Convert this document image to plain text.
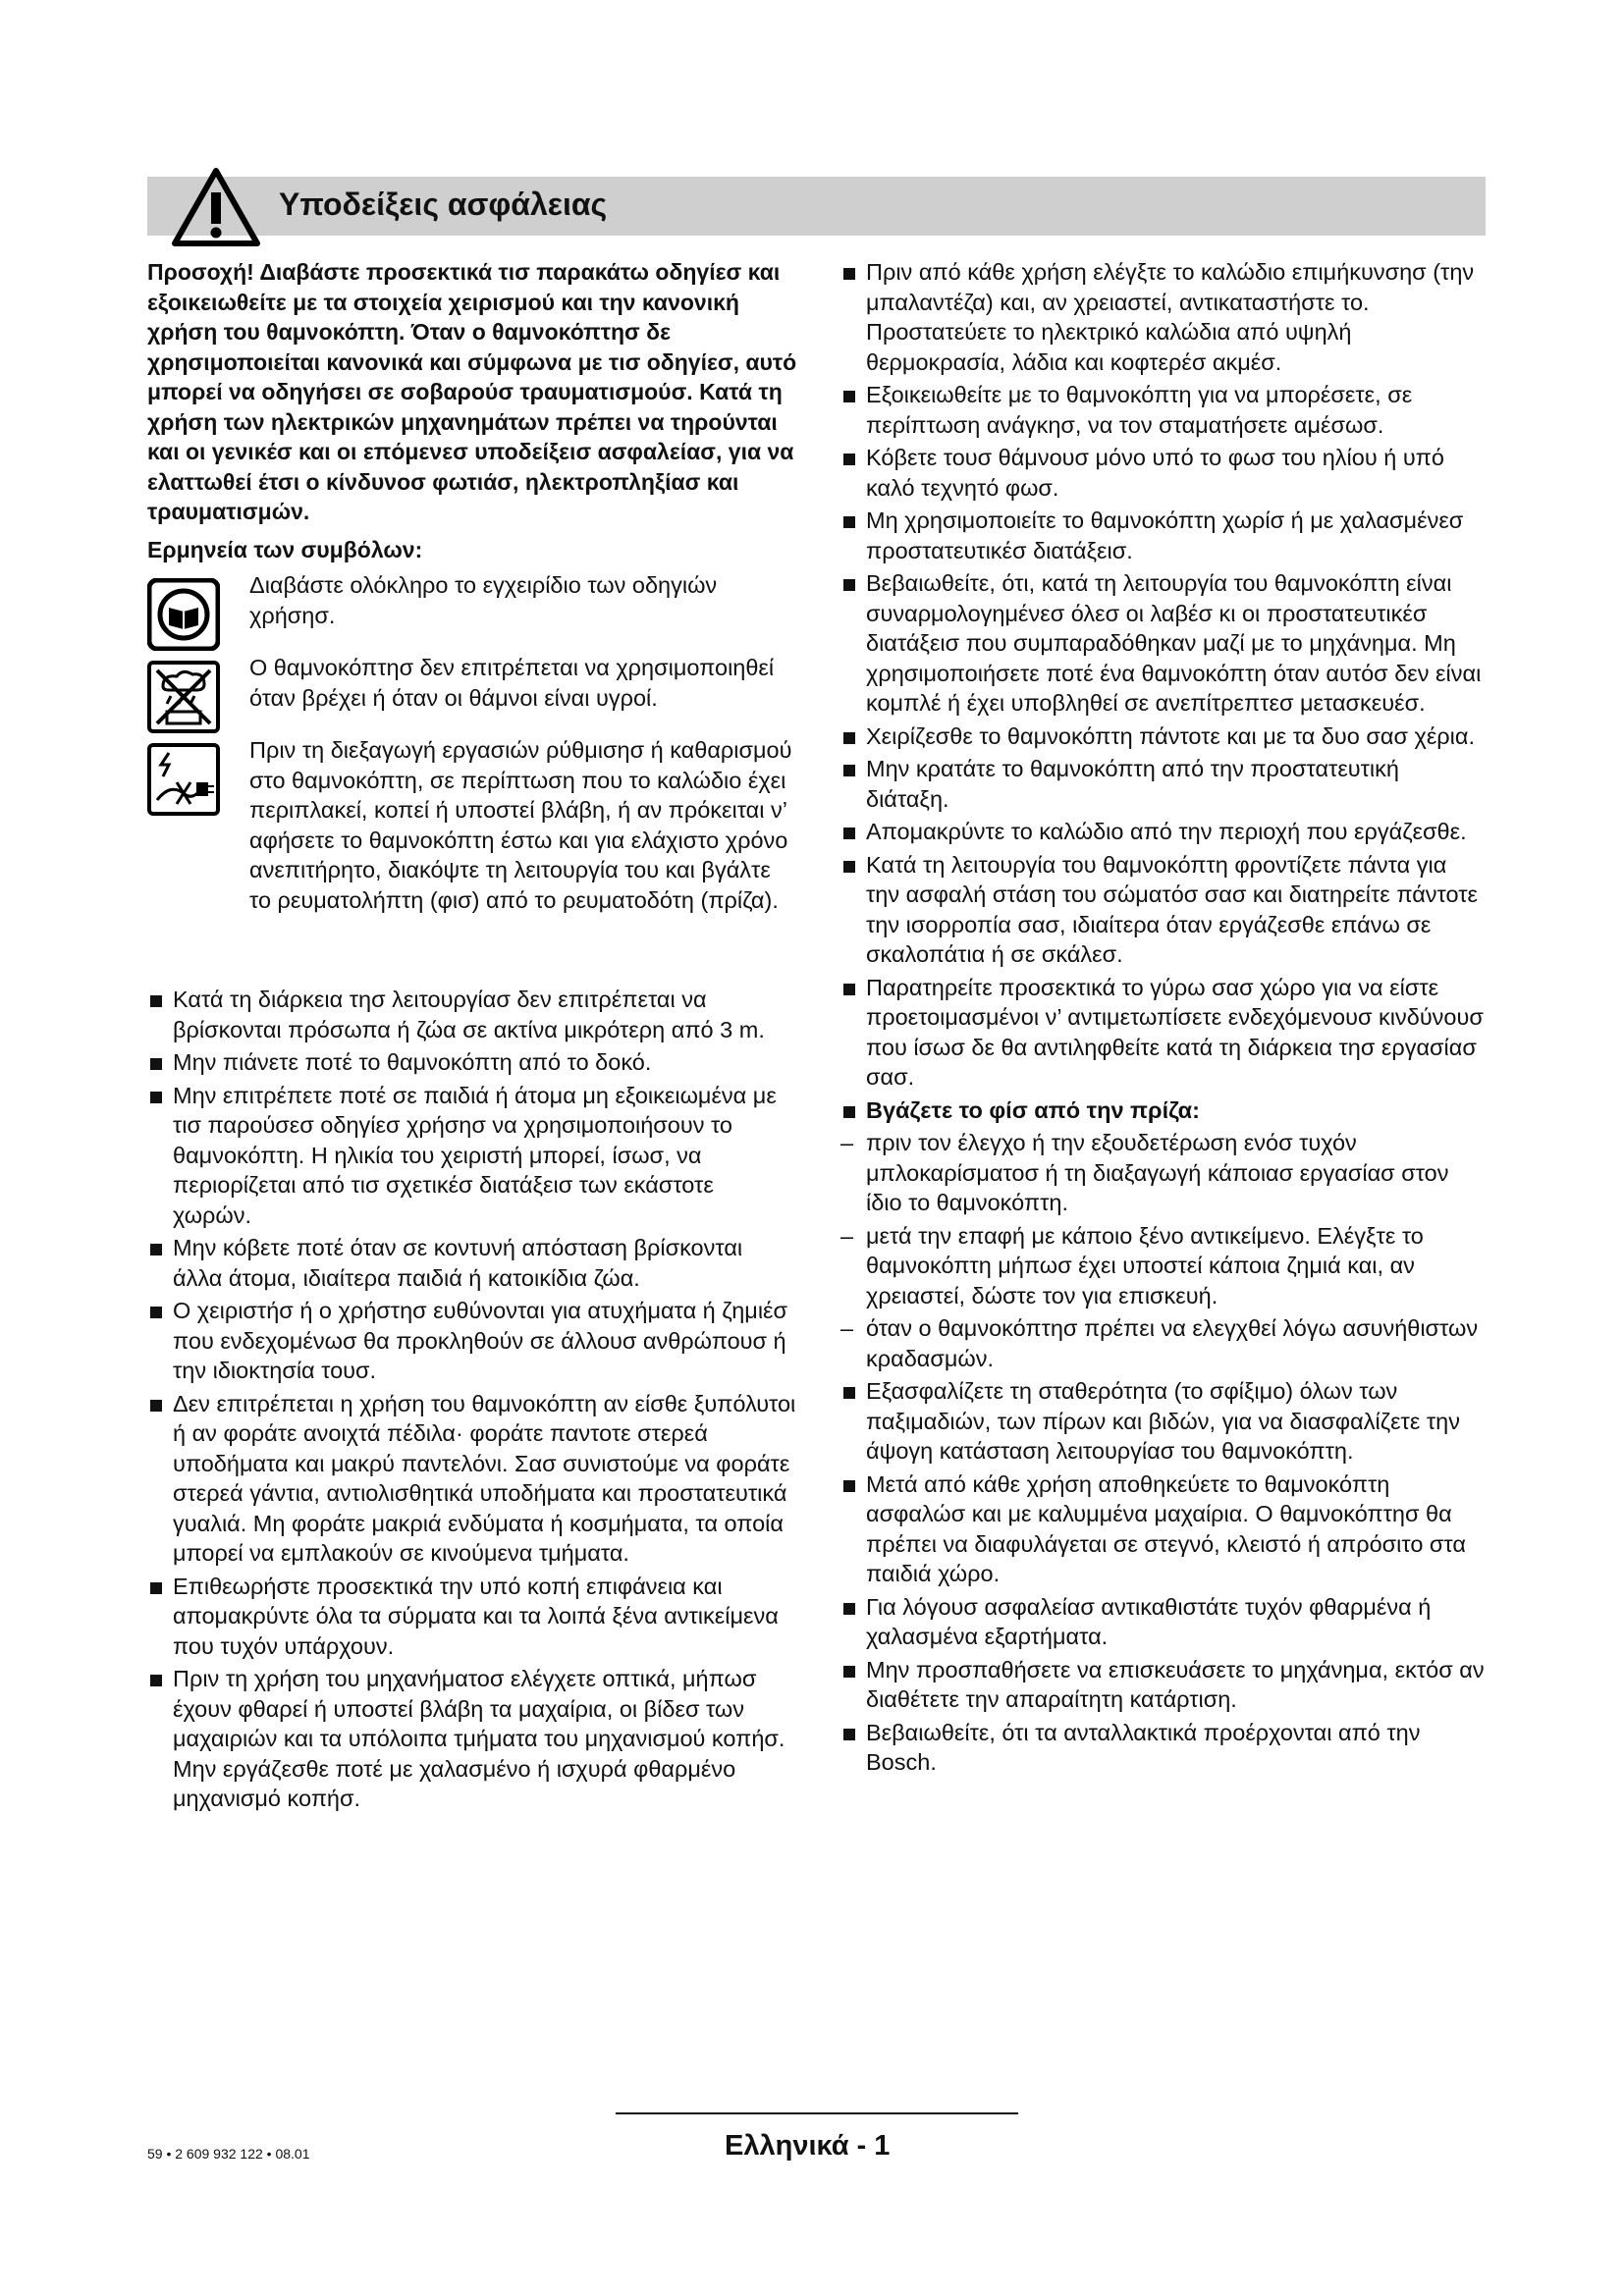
Υποδείξεις ασφάλειας

Προσοχή! Διαβάστε προσεκτικά τισ παρακάτω οδηγίεσ και εξοικειωθείτε με τα στοιχεία χειρισμού και την κανονική χρήση του θαμνοκόπτη. Όταν ο θαμνοκόπτησ δε χρησιμοποιείται κανονικά και σύμφωνα με τισ οδηγίεσ, αυτό μπορεί να οδηγήσει σε σοβαρούσ τραυματισμούσ. Κατά τη χρήση των ηλεκτρικών μηχανημάτων πρέπει να τηρούνται και οι γενικέσ και οι επόμενεσ υποδείξεισ ασφαλείασ, για να ελαττωθεί έτσι ο κίνδυνοσ φωτιάσ, ηλεκτροπληξίασ και τραυματισμών.

Ερμηνεία των συμβόλων:
Διαβάστε ολόκληρο το εγχειρίδιο των οδηγιών χρήσησ.
Ο θαμνοκόπτησ δεν επιτρέπεται να χρησιμοποιηθεί όταν βρέχει ή όταν οι θάμνοι είναι υγροί.
Πριν τη διεξαγωγή εργασιών ρύθμισησ ή καθαρισμού στο θαμνοκόπτη, σε περίπτωση που το καλώδιο έχει περιπλακεί, κοπεί ή υποστεί βλάβη, ή αν πρόκειται ν’ αφήσετε το θαμνοκόπτη έστω και για ελάχιστο χρόνο ανεπιτήρητο, διακόψτε τη λειτουργία του και βγάλτε το ρευματολήπτη (φισ) από το ρευματοδότη (πρίζα).
Κατά τη διάρκεια τησ λειτουργίασ δεν επιτρέπεται να βρίσκονται πρόσωπα ή ζώα σε ακτίνα μικρότερη από 3 m.
Μην πιάνετε ποτέ το θαμνοκόπτη από το δοκό.
Μην επιτρέπετε ποτέ σε παιδιά ή άτομα μη εξοικειωμένα με τισ παρούσεσ οδηγίεσ χρήσησ να χρησιμοποιήσουν το θαμνοκόπτη. Η ηλικία του χειριστή μπορεί, ίσωσ, να περιορίζεται από τισ σχετικέσ διατάξεισ των εκάστοτε χωρών.
Μην κόβετε ποτέ όταν σε κοντυνή απόσταση βρίσκονται άλλα άτομα, ιδιαίτερα παιδιά ή κατοικίδια ζώα.
Ο χειριστήσ ή ο χρήστησ ευθύνονται για ατυχήματα ή ζημιέσ που ενδεχομένωσ θα προκληθούν σε άλλουσ ανθρώπουσ ή την ιδιοκτησία τουσ.
Δεν επιτρέπεται η χρήση του θαμνοκόπτη αν είσθε ξυπόλυτοι ή αν φοράτε ανοιχτά πέδιλα· φοράτε παντοτε στερεά υποδήματα και μακρύ παντελόνι. Σασ συνιστούμε να φοράτε στερεά γάντια, αντιολισθητικά υποδήματα και προστατευτικά γυαλιά. Μη φοράτε μακριά ενδύματα ή κοσμήματα, τα οποία μπορεί να εμπλακούν σε κινούμενα τμήματα.
Επιθεωρήστε προσεκτικά την υπό κοπή επιφάνεια και απομακρύντε όλα τα σύρματα και τα λοιπά ξένα αντικείμενα που τυχόν υπάρχουν.
Πριν τη χρήση του μηχανήματοσ ελέγχετε οπτικά, μήπωσ έχουν φθαρεί ή υποστεί βλάβη τα μαχαίρια, οι βίδεσ των μαχαιριών και τα υπόλοιπα τμήματα του μηχανισμού κοπήσ. Μην εργάζεσθε ποτέ με χαλασμένο ή ισχυρά φθαρμένο μηχανισμό κοπήσ.
Πριν από κάθε χρήση ελέγξτε το καλώδιο επιμήκυνσησ (την μπαλαντέζα) και, αν χρειαστεί, αντικαταστήστε το. Προστατεύετε το ηλεκτρικό καλώδια από υψηλή θερμοκρασία, λάδια και κοφτερέσ ακμέσ.
Εξοικειωθείτε με το θαμνοκόπτη για να μπορέσετε, σε περίπτωση ανάγκησ, να τον σταματήσετε αμέσωσ.
Κόβετε τουσ θάμνουσ μόνο υπό το φωσ του ηλίου ή υπό καλό τεχνητό φωσ.
Μη χρησιμοποιείτε το θαμνοκόπτη χωρίσ ή με χαλασμένεσ προστατευτικέσ διατάξεισ.
Βεβαιωθείτε, ότι, κατά τη λειτουργία του θαμνοκόπτη είναι συναρμολογημένεσ όλεσ οι λαβέσ κι οι προστατευτικέσ διατάξεισ που συμπαραδόθηκαν μαζί με το μηχάνημα. Μη χρησιμοποιήσετε ποτέ ένα θαμνοκόπτη όταν αυτόσ δεν είναι κομπλέ ή έχει υποβληθεί σε ανεπίτρεπτεσ μετασκευέσ.
Χειρίζεσθε το θαμνοκόπτη πάντοτε και με τα δυο σασ χέρια.
Μην κρατάτε το θαμνοκόπτη από την προστατευτική διάταξη.
Απομακρύντε το καλώδιο από την περιοχή που εργάζεσθε.
Κατά τη λειτουργία του θαμνοκόπτη φροντίζετε πάντα για την ασφαλή στάση του σώματόσ σασ και διατηρείτε πάντοτε την ισορροπία σασ, ιδιαίτερα όταν εργάζεσθε επάνω σε σκαλοπάτια ή σε σκάλεσ.
Παρατηρείτε προσεκτικά το γύρω σασ χώρο για να είστε προετοιμασμένοι ν’ αντιμετωπίσετε ενδεχόμενουσ κινδύνουσ που ίσωσ δε θα αντιληφθείτε κατά τη διάρκεια τησ εργασίασ σασ.
Βγάζετε το φίσ από την πρίζα:
– πριν τον έλεγχο ή την εξουδετέρωση ενόσ τυχόν μπλοκαρίσματοσ ή τη διαξαγωγή κάποιασ εργασίασ στον ίδιο το θαμνοκόπτη.
– μετά την επαφή με κάποιο ξένο αντικείμενο. Ελέγξτε το θαμνοκόπτη μήπωσ έχει υποστεί κάποια ζημιά και, αν χρειαστεί, δώστε τον για επισκευή.
– όταν ο θαμνοκόπτησ πρέπει να ελεγχθεί λόγω ασυνήθιστων κραδασμών.
Εξασφαλίζετε τη σταθερότητα (το σφίξιμο) όλων των παξιμαδιών, των πίρων και βιδών, για να διασφαλίζετε την άψογη κατάσταση λειτουργίασ του θαμνοκόπτη.
Μετά από κάθε χρήση αποθηκεύετε το θαμνοκόπτη ασφαλώσ και με καλυμμένα μαχαίρια. Ο θαμνοκόπτησ θα πρέπει να διαφυλάγεται σε στεγνό, κλειστό ή απρόσιτο στα παιδιά χώρο.
Για λόγουσ ασφαλείασ αντικαθιστάτε τυχόν φθαρμένα ή χαλασμένα εξαρτήματα.
Μην προσπαθήσετε να επισκευάσετε το μηχάνημα, εκτόσ αν διαθέτετε την απαραίτητη κατάρτιση.
Βεβαιωθείτε, ότι τα ανταλλακτικά προέρχονται από την Bosch.
59 • 2 609 932 122 • 08.01	Ελληνικά - 1
